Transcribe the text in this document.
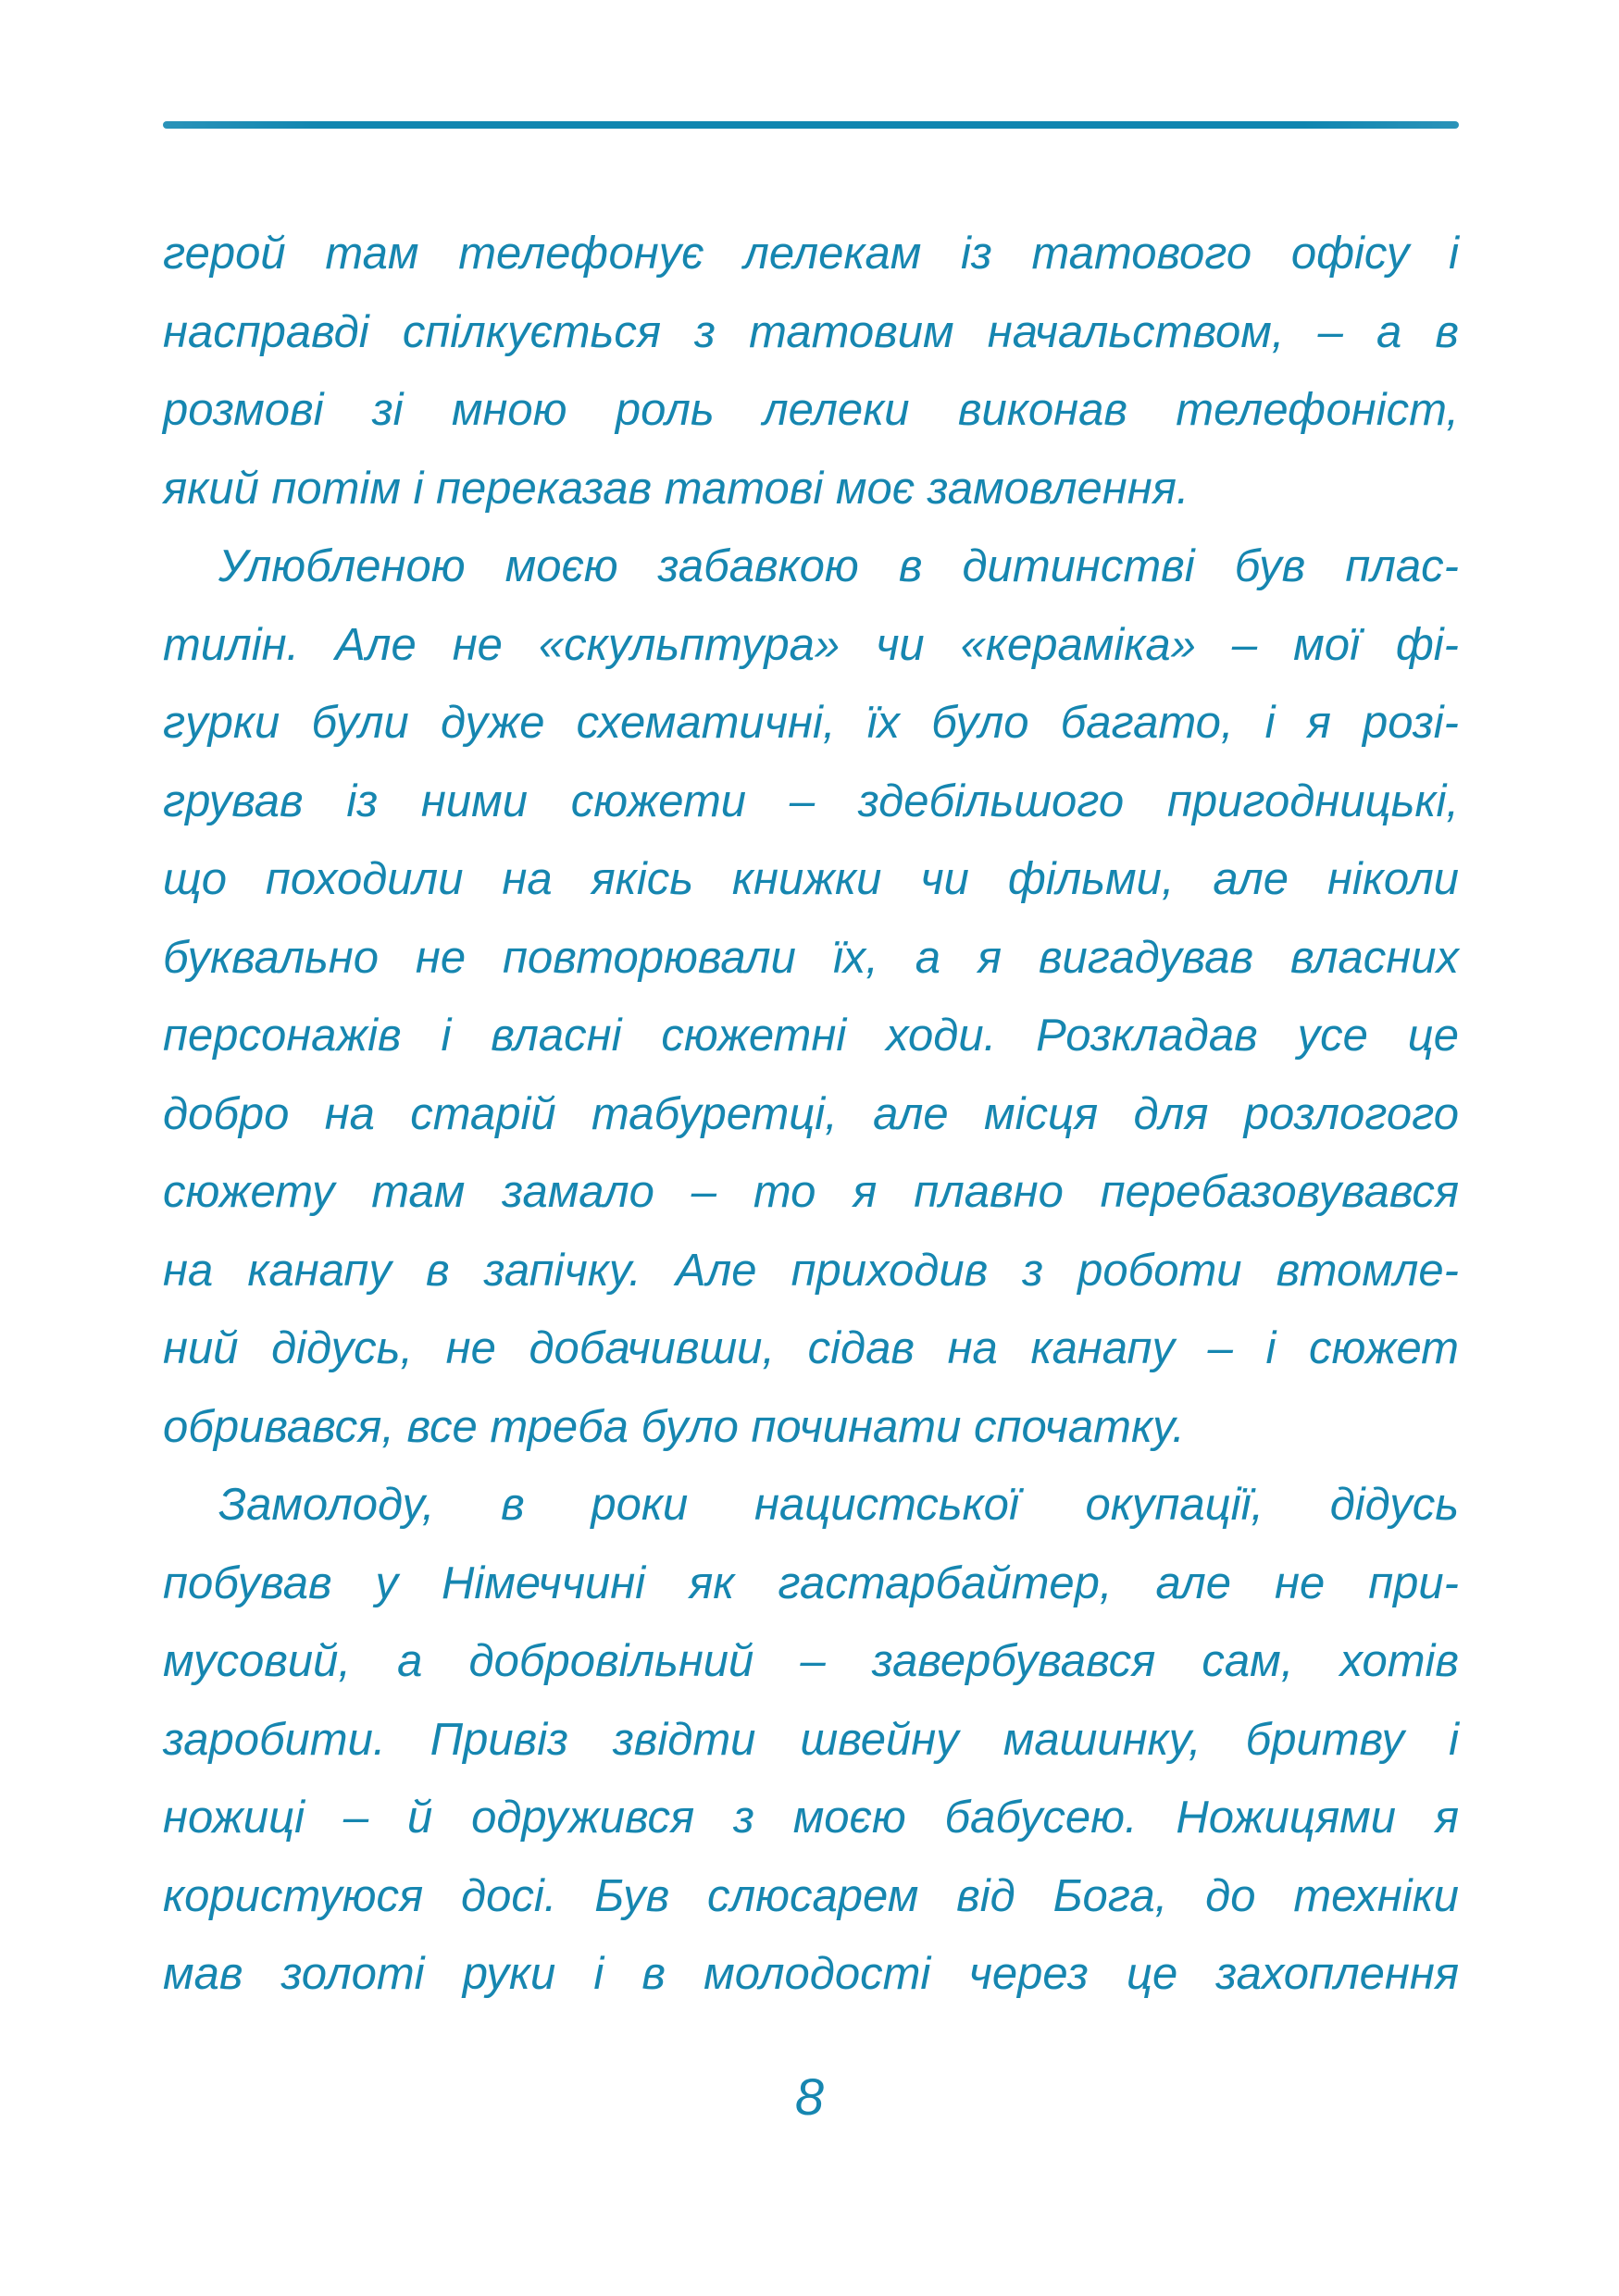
герой там телефонує лелекам із татового офісу і
насправді спілкується з татовим начальством, – а в
розмові зі мною роль лелеки виконав телефоніст,
який потім і переказав татові моє замовлення.
Улюбленою моєю забавкою в дитинстві був плас-
тилін. Але не «скульптура» чи «кераміка» – мої фі-
гурки були дуже схематичні, їх було багато, і я розі-
грував із ними сюжети – здебільшого пригодницькі,
що походили на якісь книжки чи фільми, але ніколи
буквально не повторювали їх, а я вигадував власних
персонажів і власні сюжетні ходи. Розкладав усе це
добро на старій табуретці, але місця для розлогого
сюжету там замало – то я плавно перебазовувався
на канапу в запічку. Але приходив з роботи втомле-
ний дідусь, не добачивши, сідав на канапу – і сюжет
обривався, все треба було починати спочатку.
Замолоду, в роки нацистської окупації, дідусь
побував у Німеччині як гастарбайтер, але не при-
мусовий, а добровільний – завербувався сам, хотів
заробити. Привіз звідти швейну машинку, бритву і
ножиці – й одружився з моєю бабусею. Ножицями я
користуюся досі. Був слюсарем від Бога, до техніки
мав золоті руки і в молодості через це захоплення
8
